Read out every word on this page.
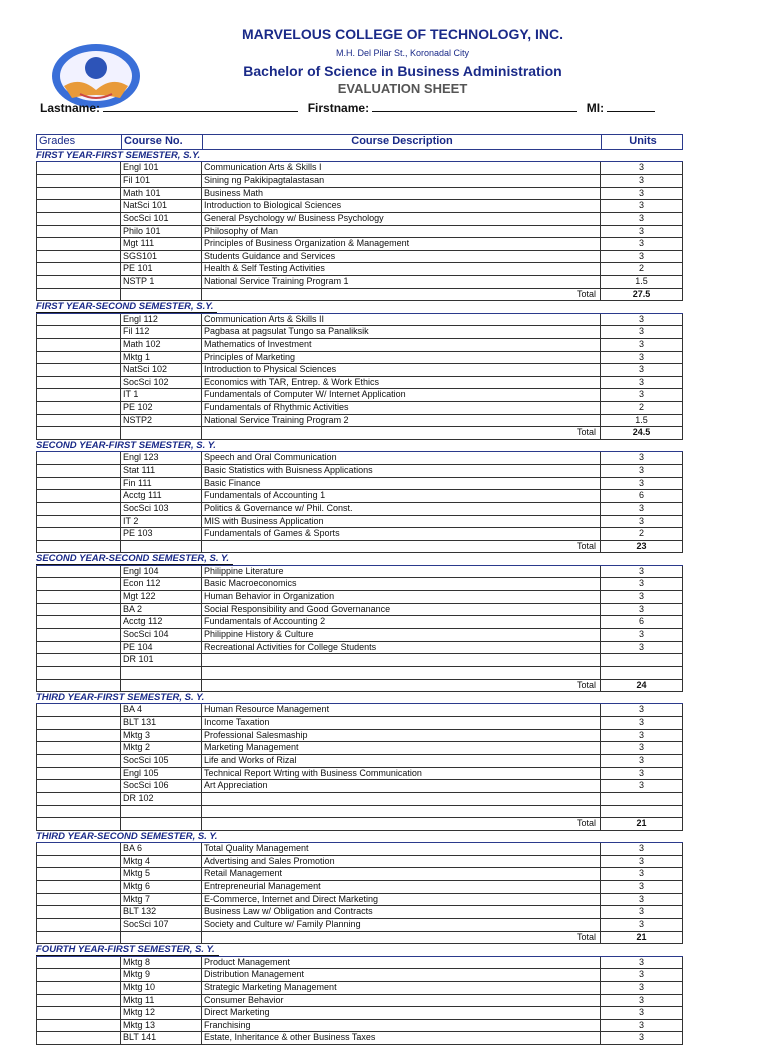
MARVELOUS COLLEGE OF TECHNOLOGY, INC.
M.H. Del Pilar St., Koronadal City
Bachelor of Science in Business Administration
EVALUATION SHEET
Lastname:	Firstname:	MI:
Grades	Course No.	Course Description	Units
FIRST YEAR-FIRST SEMESTER, S.Y.
Engl 101	Communication Arts & Skills I	3
Fil 101	Sining ng Pakikipagtalastasan	3
Math 101	Business Math	3
NatSci 101	Introduction to Biological Sciences	3
SocSci 101	General Psychology w/ Business Psychology	3
Philo 101	Philosophy of Man	3
Mgt 111	Principles of Business Organization & Management	3
SGS101	Students Guidance and Services	3
PE 101	Health & Self Testing Activities	2
NSTP 1	National Service Training Program 1	1.5
Total	27.5
FIRST YEAR-SECOND SEMESTER, S.Y.
Engl 112	Communication Arts & Skills II	3
Fil 112	Pagbasa at pagsulat Tungo sa Panaliksik	3
Math 102	Mathematics of Investment	3
Mktg 1	Principles of Marketing	3
NatSci 102	Introduction to Physical Sciences	3
SocSci 102	Economics with TAR, Entrep. & Work Ethics	3
IT 1	Fundamentals of Computer W/ Internet Application	3
PE 102	Fundamentals of Rhythmic Activities	2
NSTP2	National Service Training Program 2	1.5
Total	24.5
SECOND YEAR-FIRST SEMESTER, S. Y.
Engl 123	Speech and Oral Communication	3
Stat 111	Basic Statistics with Buisness Applications	3
Fin 111	Basic Finance	3
Acctg 111	Fundamentals of Accounting 1	6
SocSci 103	Politics & Governance w/ Phil. Const.	3
IT 2	MIS with Business Application	3
PE 103	Fundamentals of Games & Sports	2
Total	23
SECOND YEAR-SECOND SEMESTER, S. Y.
Engl 104	Philippine Literature	3
Econ 112	Basic Macroeconomics	3
Mgt 122	Human Behavior in Organization	3
BA 2	Social Responsibility and Good Governanance	3
Acctg 112	Fundamentals of Accounting 2	6
SocSci 104	Philippine History & Culture	3
PE 104	Recreational Activities for College Students	3
DR 101
Total	24
THIRD YEAR-FIRST SEMESTER, S. Y.
BA 4	Human Resource Management	3
BLT 131	Income Taxation	3
Mktg 3	Professional Salesmaship	3
Mktg 2	Marketing Management	3
SocSci 105	Life and Works of Rizal	3
Engl 105	Technical Report Wrting with Business Communication	3
SocSci 106	Art Appreciation	3
DR 102
Total	21
THIRD YEAR-SECOND SEMESTER, S. Y.
BA 6	Total Quality Management	3
Mktg 4	Advertising and Sales Promotion	3
Mktg 5	Retail Management	3
Mktg 6	Entrepreneurial Management	3
Mktg 7	E-Commerce, Internet and Direct Marketing	3
BLT 132	Business Law w/ Obligation and Contracts	3
SocSci 107	Society and Culture w/ Family Planning	3
Total	21
FOURTH YEAR-FIRST SEMESTER, S. Y.
Mktg 8	Product Management	3
Mktg 9	Distribution Management	3
Mktg 10	Strategic Marketing Management	3
Mktg 11	Consumer Behavior	3
Mktg 12	Direct Marketing	3
Mktg 13	Franchising	3
BLT 141	Estate, Inheritance & other Business Taxes	3
